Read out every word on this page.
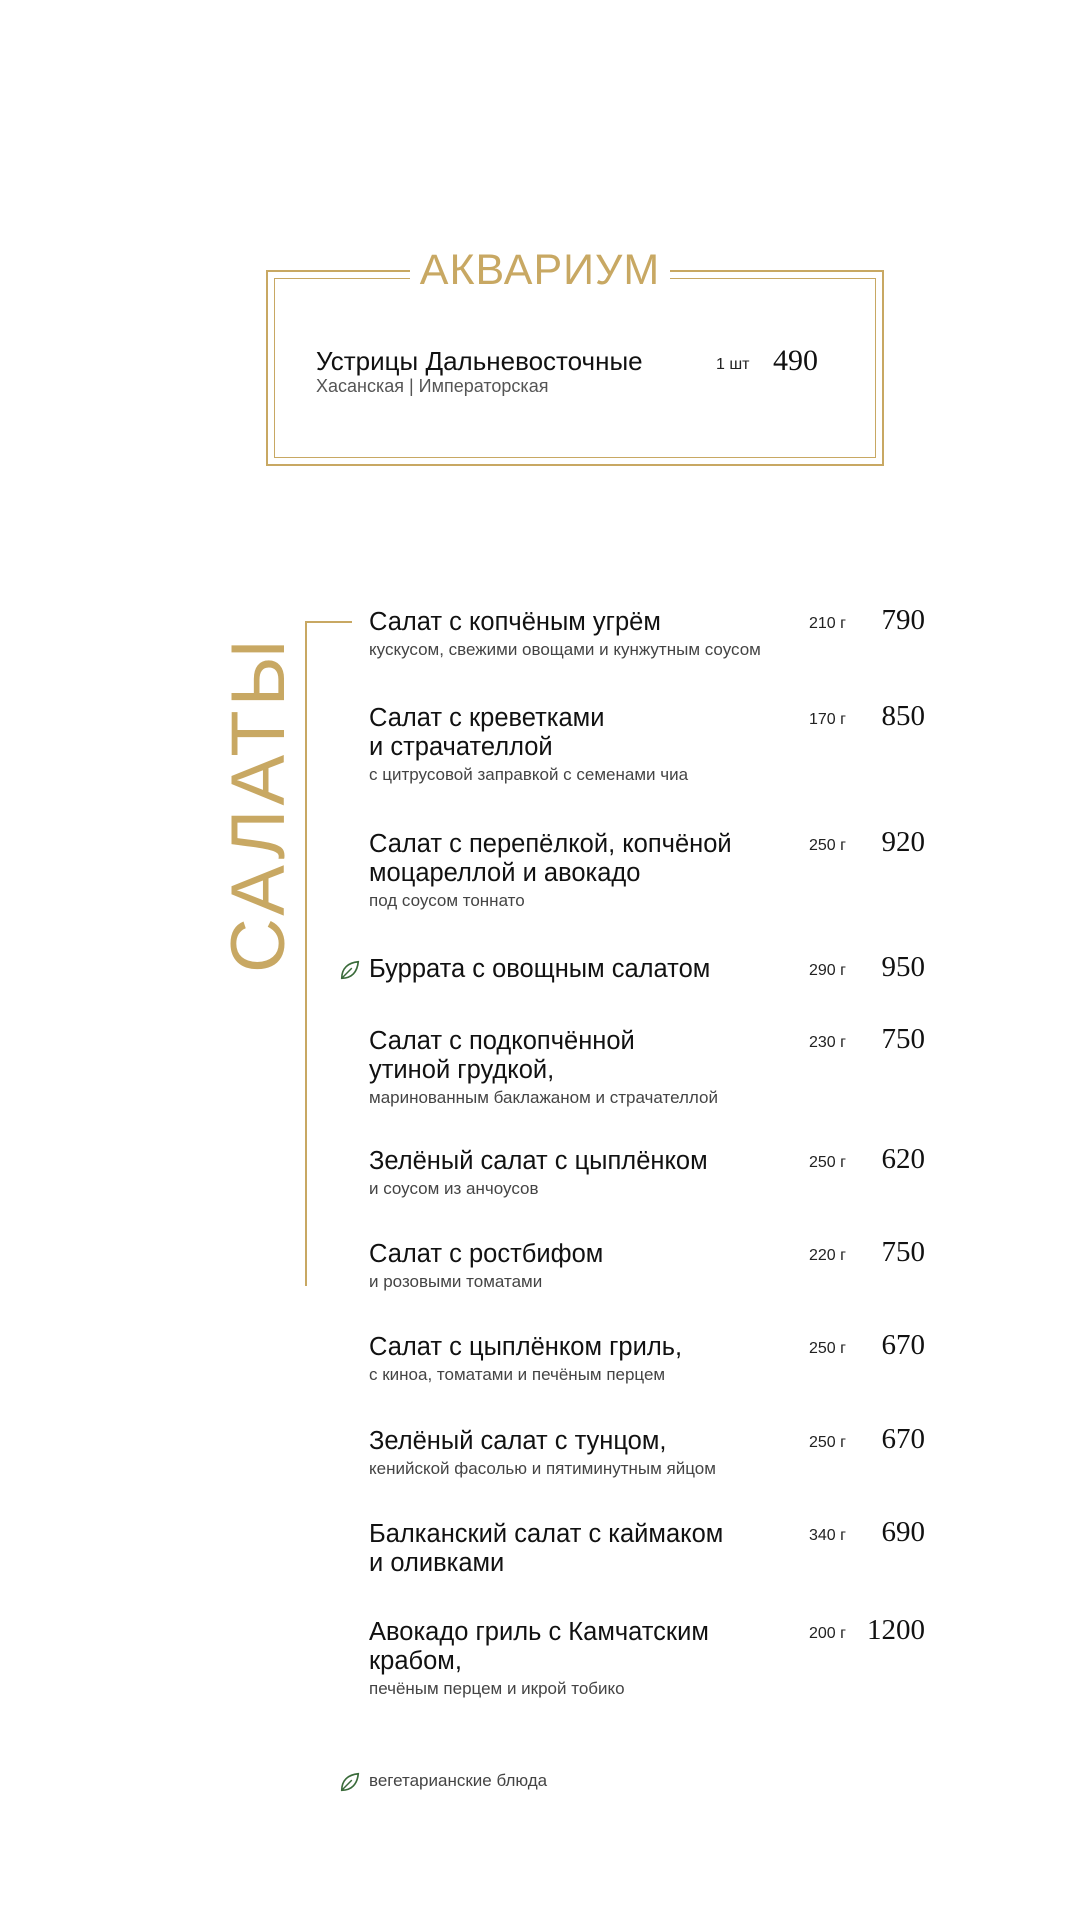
АКВАРИУМ
Устрицы Дальневосточные
Хасанская | Императорская
1 шт 490
САЛАТЫ
Салат с копчёным угрём
кускусом, свежими овощами и кунжутным соусом
210 г 790
Салат с креветками
и страчателлой
с цитрусовой заправкой с семенами чиа
170 г 850
Салат с перепёлкой, копчёной
моцареллой и авокадо
под соусом тоннато
250 г 920
Буррата с овощным салатом	290 г 950
Салат с подкопчённой
утиной грудкой,
маринованным баклажаном и страчателлой
230 г 750
Зелёный салат с цыплёнком
и соусом из анчоусов
250 г 620
Салат с ростбифом
и розовыми томатами
220 г 750
Салат с цыплёнком гриль,
с киноа, томатами и печёным перцем
250 г 670
Зелёный салат с тунцом,
кенийской фасолью и пятиминутным яйцом
250 г 670
Балканский салат с каймаком
и оливками
340 г 690
Авокадо гриль с Камчатским
крабом,
печёным перцем и икрой тобико
200 г 1200
вегетарианские блюда
